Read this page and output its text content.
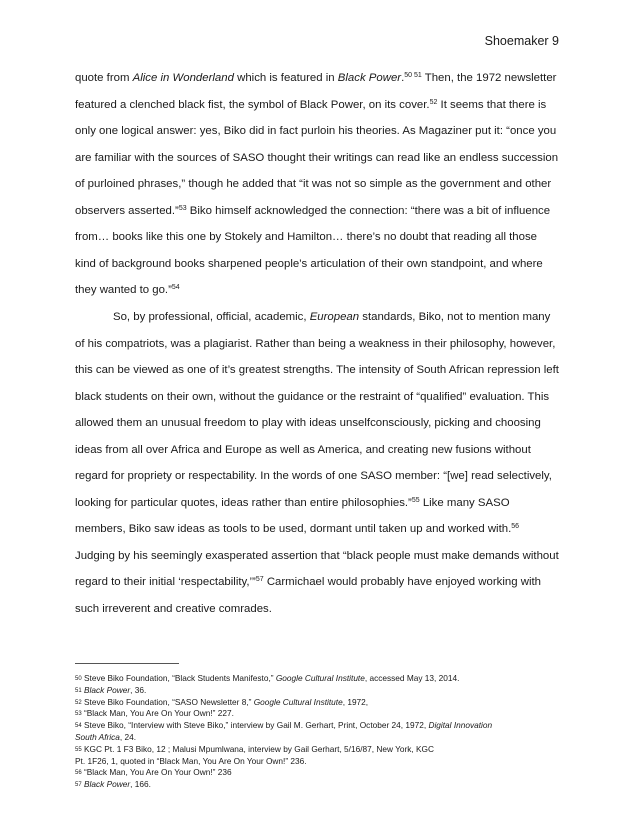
Shoemaker 9
quote from Alice in Wonderland which is featured in Black Power.$^{50 51}$ Then, the 1972 newsletter
featured a clenched black fist, the symbol of Black Power, on its cover.$^{52}$ It seems that there is
only one logical answer: yes, Biko did in fact purloin his theories. As Magaziner put it: “once you
are familiar with the sources of SASO thought their writings can read like an endless succession
of purloined phrases,” though he added that “it was not so simple as the government and other
observers asserted.”$^{53}$ Biko himself acknowledged the connection: “there was a bit of influence
from… books like this one by Stokely and Hamilton… there’s no doubt that reading all those
kind of background books sharpened people’s articulation of their own standpoint, and where
they wanted to go.”$^{54}$
So, by professional, official, academic, European standards, Biko, not to mention many
of his compatriots, was a plagiarist. Rather than being a weakness in their philosophy, however,
this can be viewed as one of it’s greatest strengths. The intensity of South African repression left
black students on their own, without the guidance or the restraint of “qualified” evaluation. This
allowed them an unusual freedom to play with ideas unselfconsciously, picking and choosing
ideas from all over Africa and Europe as well as America, and creating new fusions without
regard for propriety or respectability. In the words of one SASO member: “[we] read selectively,
looking for particular quotes, ideas rather than entire philosophies.”$^{55}$ Like many SASO
members, Biko saw ideas as tools to be used, dormant until taken up and worked with.$^{56}$
Judging by his seemingly exasperated assertion that “black people must make demands without
regard to their initial ‘respectability,’”$^{57}$ Carmichael would probably have enjoyed working with
such irreverent and creative comrades.
50 Steve Biko Foundation, “Black Students Manifesto,” Google Cultural Institute, accessed May 13, 2014.
51 Black Power, 36.
52 Steve Biko Foundation, “SASO Newsletter 8,” Google Cultural Institute, 1972,
53 “Black Man, You Are On Your Own!” 227.
54 Steve Biko, “Interview with Steve Biko,” interview by Gail M. Gerhart, Print, October 24, 1972, Digital Innovation
South Africa, 24.
55 KGC Pt. 1 F3 Biko, 12 ; Malusi Mpumlwana, interview by Gail Gerhart, 5/16/87, New York, KGC
Pt. 1F26, 1, quoted in “Black Man, You Are On Your Own!” 236.
56 “Black Man, You Are On Your Own!” 236
57 Black Power, 166.
